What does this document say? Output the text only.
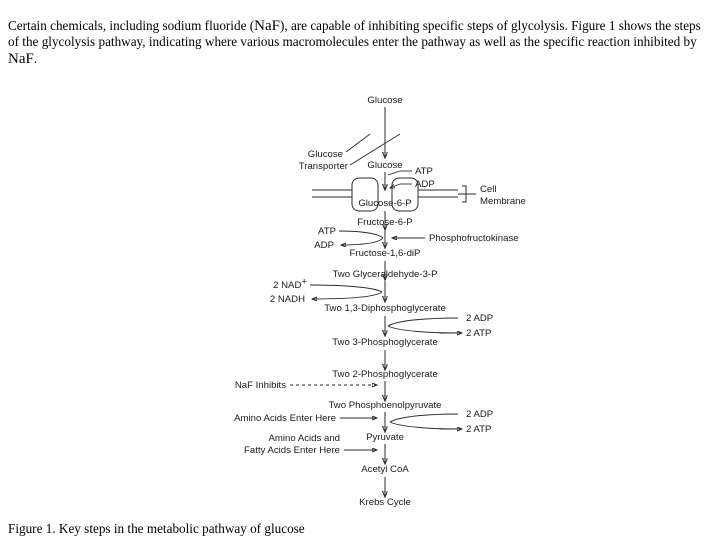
Certain chemicals, including sodium fluoride (NaF), are capable of inhibiting specific steps of glycolysis. Figure 1 shows the steps of the glycolysis pathway, indicating where various macromolecules enter the pathway as well as the specific reaction inhibited by NaF.

Glucose
Cell
Membrane
Glucose
Transporter Glucose
ATP
ADP
Glucose-6-P
Fructose-6-P
ATP
ADP
Phosphofructokinase
Fructose-1,6-diP
Two Glyceraldehyde-3-P
2 NAD+
2 NADH
Two 1,3-Diphosphoglycerate
2 ADP
2 ATP
Two 3-Phosphoglycerate
Two 2-Phosphoglycerate
NaF Inhibits
Two Phosphoenolpyruvate
2 ADP
2 ATP
Amino Acids Enter Here
Pyruvate
Amino Acids and
Fatty Acids Enter Here
Acetyl CoA
Krebs Cycle
Figure 1. Key steps in the metabolic pathway of glucose
